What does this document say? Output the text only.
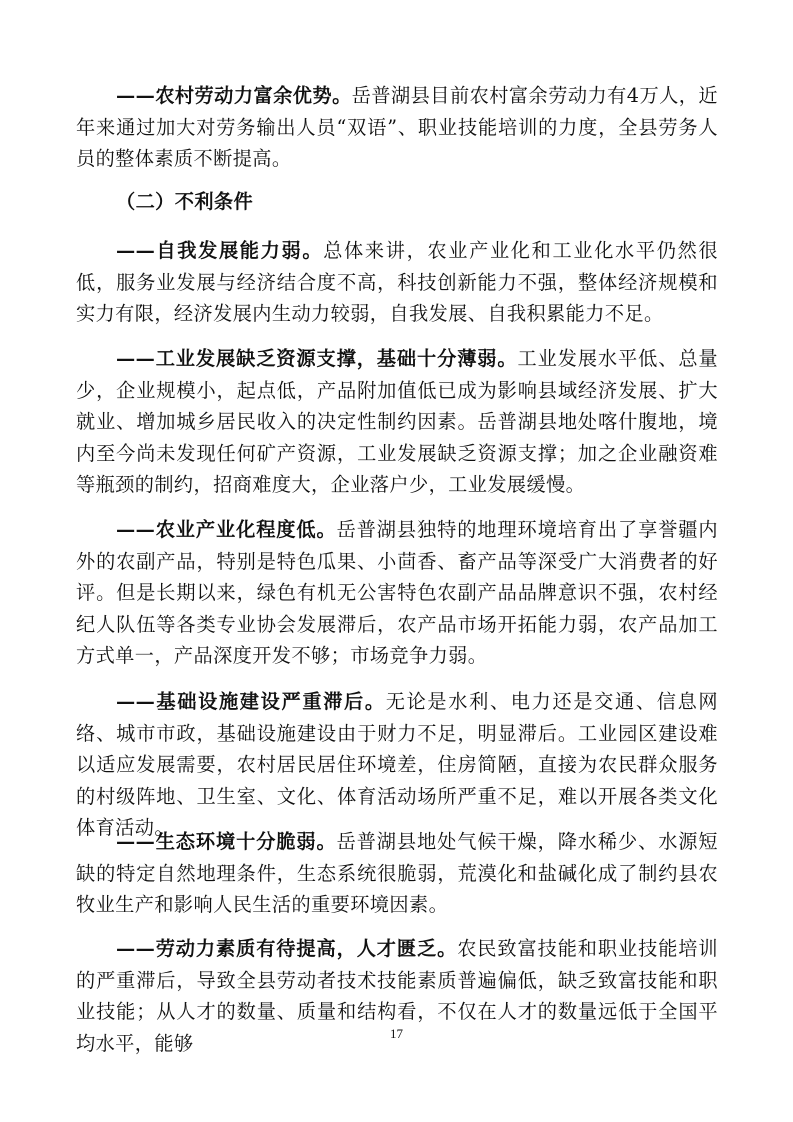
——农村劳动力富余优势。岳普湖县目前农村富余劳动力有4万人，近年来通过加大对劳务输出人员“双语”、职业技能培训的力度，全县劳务人员的整体素质不断提高。

（二）不利条件

——自我发展能力弱。总体来讲，农业产业化和工业化水平仍然很低，服务业发展与经济结合度不高，科技创新能力不强，整体经济规模和实力有限，经济发展内生动力较弱，自我发展、自我积累能力不足。

——工业发展缺乏资源支撑，基础十分薄弱。工业发展水平低、总量少，企业规模小，起点低，产品附加值低已成为影响县域经济发展、扩大就业、增加城乡居民收入的决定性制约因素。岳普湖县地处喀什腹地，境内至今尚未发现任何矿产资源，工业发展缺乏资源支撑；加之企业融资难等瓶颈的制约，招商难度大，企业落户少，工业发展缓慢。

——农业产业化程度低。岳普湖县独特的地理环境培育出了享誉疆内外的农副产品，特别是特色瓜果、小茴香、畜产品等深受广大消费者的好评。但是长期以来，绿色有机无公害特色农副产品品牌意识不强，农村经纪人队伍等各类专业协会发展滞后，农产品市场开拓能力弱，农产品加工方式单一，产品深度开发不够；市场竞争力弱。

——基础设施建设严重滞后。无论是水利、电力还是交通、信息网络、城市市政，基础设施建设由于财力不足，明显滞后。工业园区建设难以适应发展需要，农村居民居住环境差，住房简陋，直接为农民群众服务的村级阵地、卫生室、文化、体育活动场所严重不足，难以开展各类文化体育活动。

——生态环境十分脆弱。岳普湖县地处气候干燥，降水稀少、水源短缺的特定自然地理条件，生态系统很脆弱，荒漠化和盐碱化成了制约县农牧业生产和影响人民生活的重要环境因素。

——劳动力素质有待提高，人才匮乏。农民致富技能和职业技能培训的严重滞后，导致全县劳动者技术技能素质普遍偏低，缺乏致富技能和职业技能；从人才的数量、质量和结构看，不仅在人才的数量远低于全国平均水平，能够	17
